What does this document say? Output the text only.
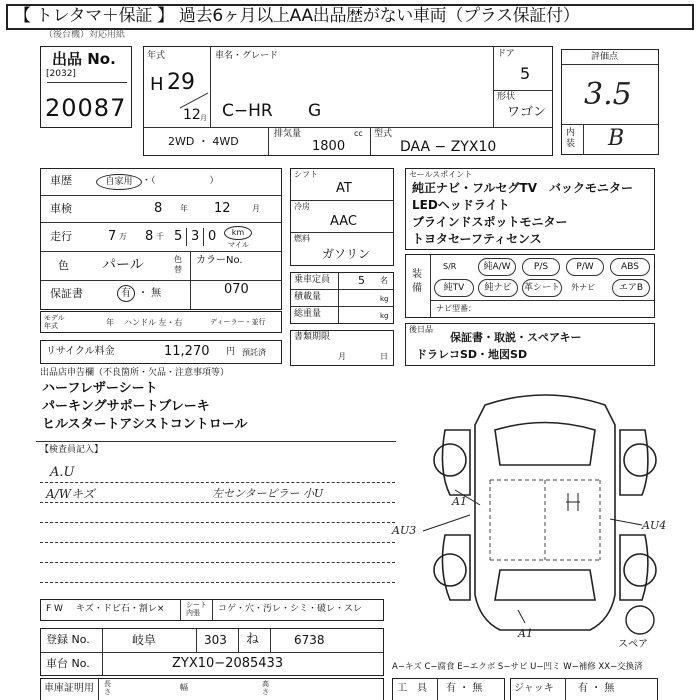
【 トレタマ＋保証 】 過去6ヶ月以上AA出品歴がない車両（プラス保証付）
（後台機）対応用紙
出品 No.
[2032]
20087
年式
H 29
12 月
車名・グレード
C−HR G
ドア
5
形状
ワゴン
2WD ・ 4WD
排気量	cc
1800
型式
DAA − ZYX10
評価点
3.5
内装 B
車歴	自家用	・（　　　　　　）
車検	8 年 12	月
走行	7 万 8 千 5 3 0	km
マイル
色 パール	色替
カラーNo.
070
保証書	有 ・ 無
モデル年式	年 ハンドル 左・右	ディーラー・並行
リサイクル料金	11,270 円 預託済
シフト
AT
冷房
AAC
燃料
ガソリン
乗車定員	5 名
積載量	kg
総重量	kg
書類期限
月	日
セールスポイント
純正ナビ・フルセグTV　バックモニター
LEDヘッドライト
ブラインドスポットモニター
トヨタセーフティセンス
装備
S/R	純A/W	P/S	P/W	ABS
純TV	純ナビ	革シート 外ナビ	エアB
ナビ型番：
後日品
保証書・取説・スペアキー
ドラレコSD・地図SD
出品店申告欄（不良箇所・欠品・注意事項等）
ハーフレザーシート
パーキングサポートブレーキ
ヒルスタートアシストコントロール
【検査員記入】
A.U
A/Wキズ	左センターピラー 小U
A1
AU3	AU4
A1
スペア
F W キズ・ドビ石・割レ×	シート内張	コゲ・穴・汚レ・シミ・破レ・スレ
登録 No.	岐阜	303 ね	6738
車台 No.	ZYX10−2085433	A−キズ C−腐食 E−エクボ S−サビ U−凹ミ W−補修 XX−交換済
車庫証明用 長さ	幅	高さ	工　具 有 ・ 無	ジャッキ 有 ・ 無
